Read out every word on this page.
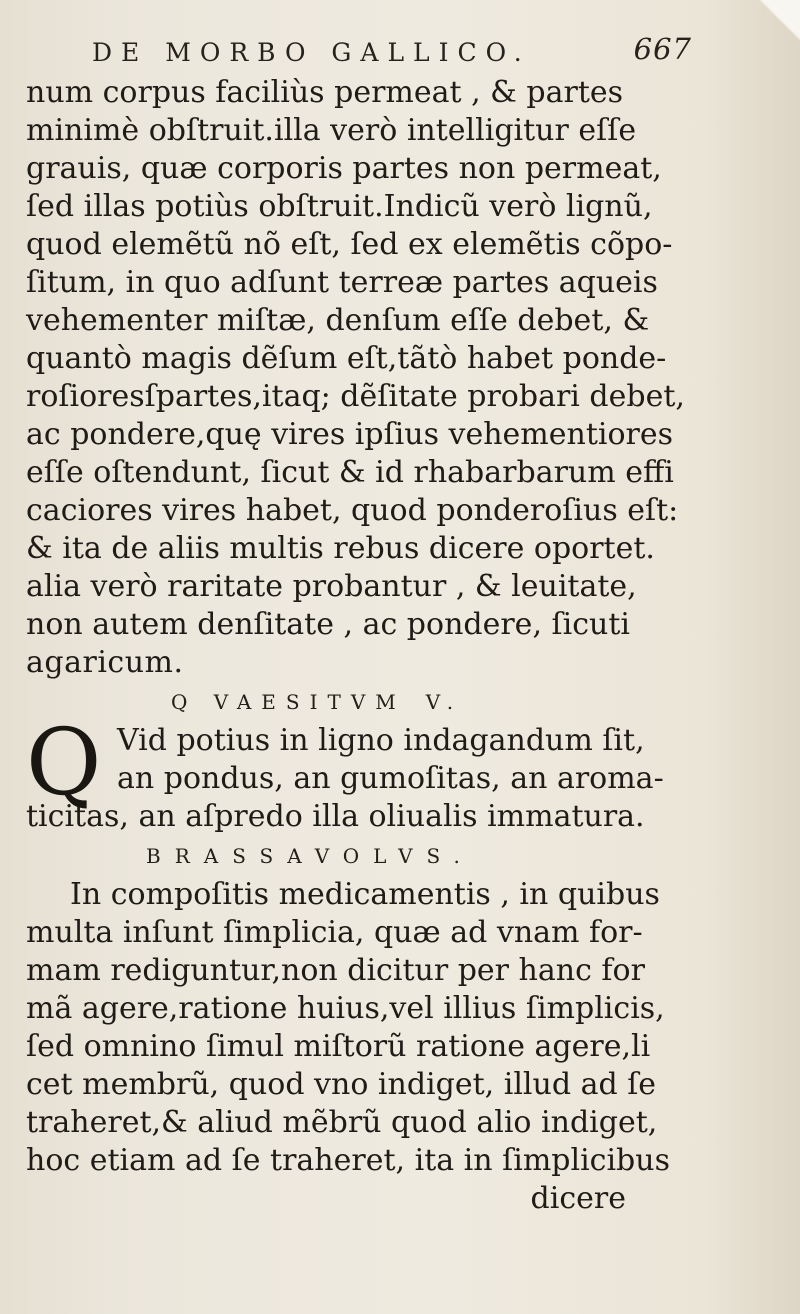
DE MORBO GALLICO.	667
num corpus faciliùs permeat , & partes
minimè obſtruit.illa verò intelligitur eſſe
grauis, quæ corporis partes non permeat,
ſed illas potiùs obſtruit.Indicũ verò lignũ,
quod elemẽtũ nõ eſt, ſed ex elemẽtis cõpo-
ſitum, in quo adſunt terreæ partes aqueis
vehementer miſtæ, denſum eſſe debet, &
quantò magis dẽſum eſt,tãtò habet ponde-
roſioresſpartes,itaq; dẽſitate probari debet,
ac pondere,quę vires ipſius vehementiores
eſſe oſtendunt, ſicut & id rhabarbarum effi
caciores vires habet, quod ponderoſius eſt:
& ita de aliis multis rebus dicere oportet.
alia verò raritate probantur , & leuitate,
non autem denſitate , ac pondere, ſicuti
agaricum.
Q VAESITVM V.
Q Vid potius in ligno indagandum ſit,
an pondus, an gumoſitas, an aroma-
ticitas, an aſpredo illa oliualis immatura.
BRASSAVOLVS.
In compoſitis medicamentis , in quibus
multa inſunt ſimplicia, quæ ad vnam for-
mam rediguntur,non dicitur per hanc for
mã agere,ratione huius,vel illius ſimplicis,
ſed omnino ſimul miſtorũ ratione agere,li
cet membrũ, quod vno indiget, illud ad ſe
traheret,& aliud mẽbrũ quod alio indiget,
hoc etiam ad ſe traheret, ita in ſimplicibus
dicere
